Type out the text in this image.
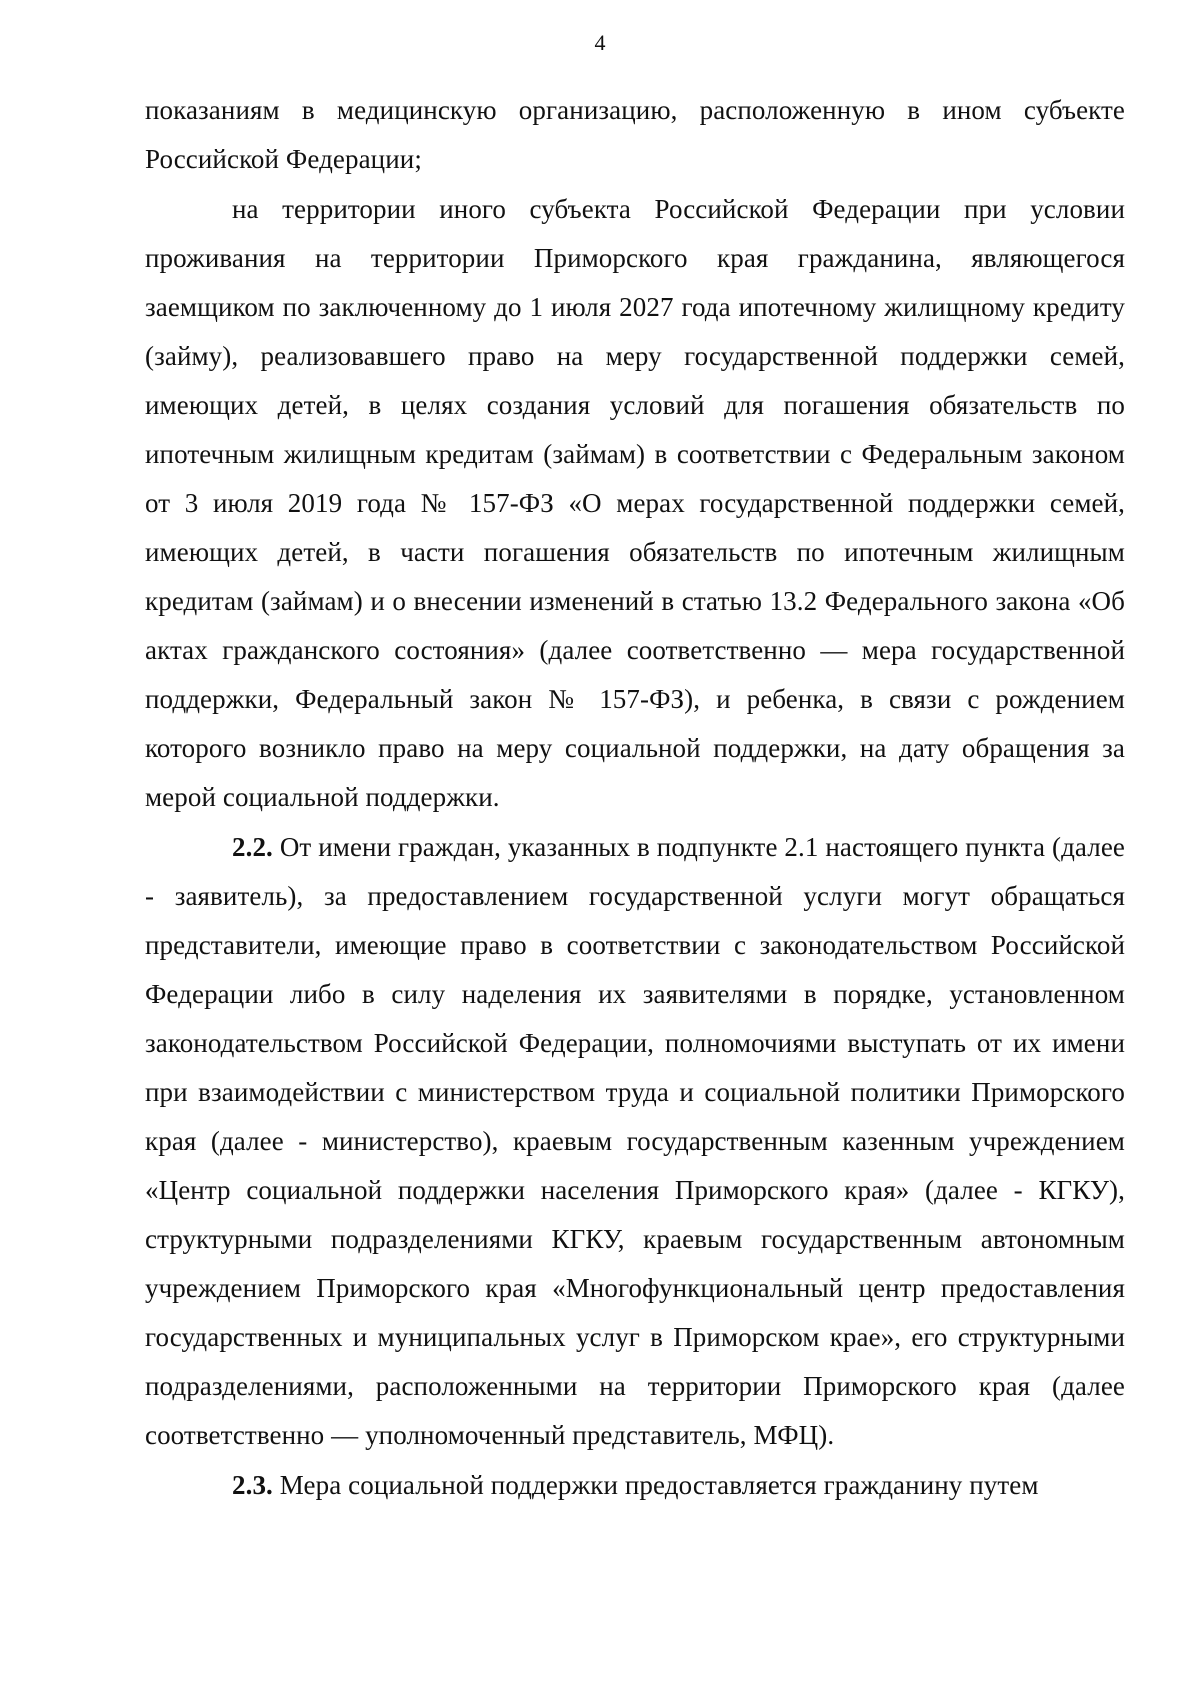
4

показаниям в медицинскую организацию, расположенную в ином субъекте Российской Федерации;

на территории иного субъекта Российской Федерации при условии проживания на территории Приморского края гражданина, являющегося заемщиком по заключенному до 1 июля 2027 года ипотечному жилищному кредиту (займу), реализовавшего право на меру государственной поддержки семей, имеющих детей, в целях создания условий для погашения обязательств по ипотечным жилищным кредитам (займам) в соответствии с Федеральным законом от 3 июля 2019 года № 157-ФЗ «О мерах государственной поддержки семей, имеющих детей, в части погашения обязательств по ипотечным жилищным кредитам (займам) и о внесении изменений в статью 13.2 Федерального закона «Об актах гражданского состояния» (далее соответственно — мера государственной поддержки, Федеральный закон № 157-ФЗ), и ребенка, в связи с рождением которого возникло право на меру социальной поддержки, на дату обращения за мерой социальной поддержки.

2.2. От имени граждан, указанных в подпункте 2.1 настоящего пункта (далее - заявитель), за предоставлением государственной услуги могут обращаться представители, имеющие право в соответствии с законодательством Российской Федерации либо в силу наделения их заявителями в порядке, установленном законодательством Российской Федерации, полномочиями выступать от их имени при взаимодействии с министерством труда и социальной политики Приморского края (далее - министерство), краевым государственным казенным учреждением «Центр социальной поддержки населения Приморского края» (далее - КГКУ), структурными подразделениями КГКУ, краевым государственным автономным учреждением Приморского края «Многофункциональный центр предоставления государственных и муниципальных услуг в Приморском крае», его структурными подразделениями, расположенными на территории Приморского края (далее соответственно — уполномоченный представитель, МФЦ).

2.3. Мера социальной поддержки предоставляется гражданину путем
